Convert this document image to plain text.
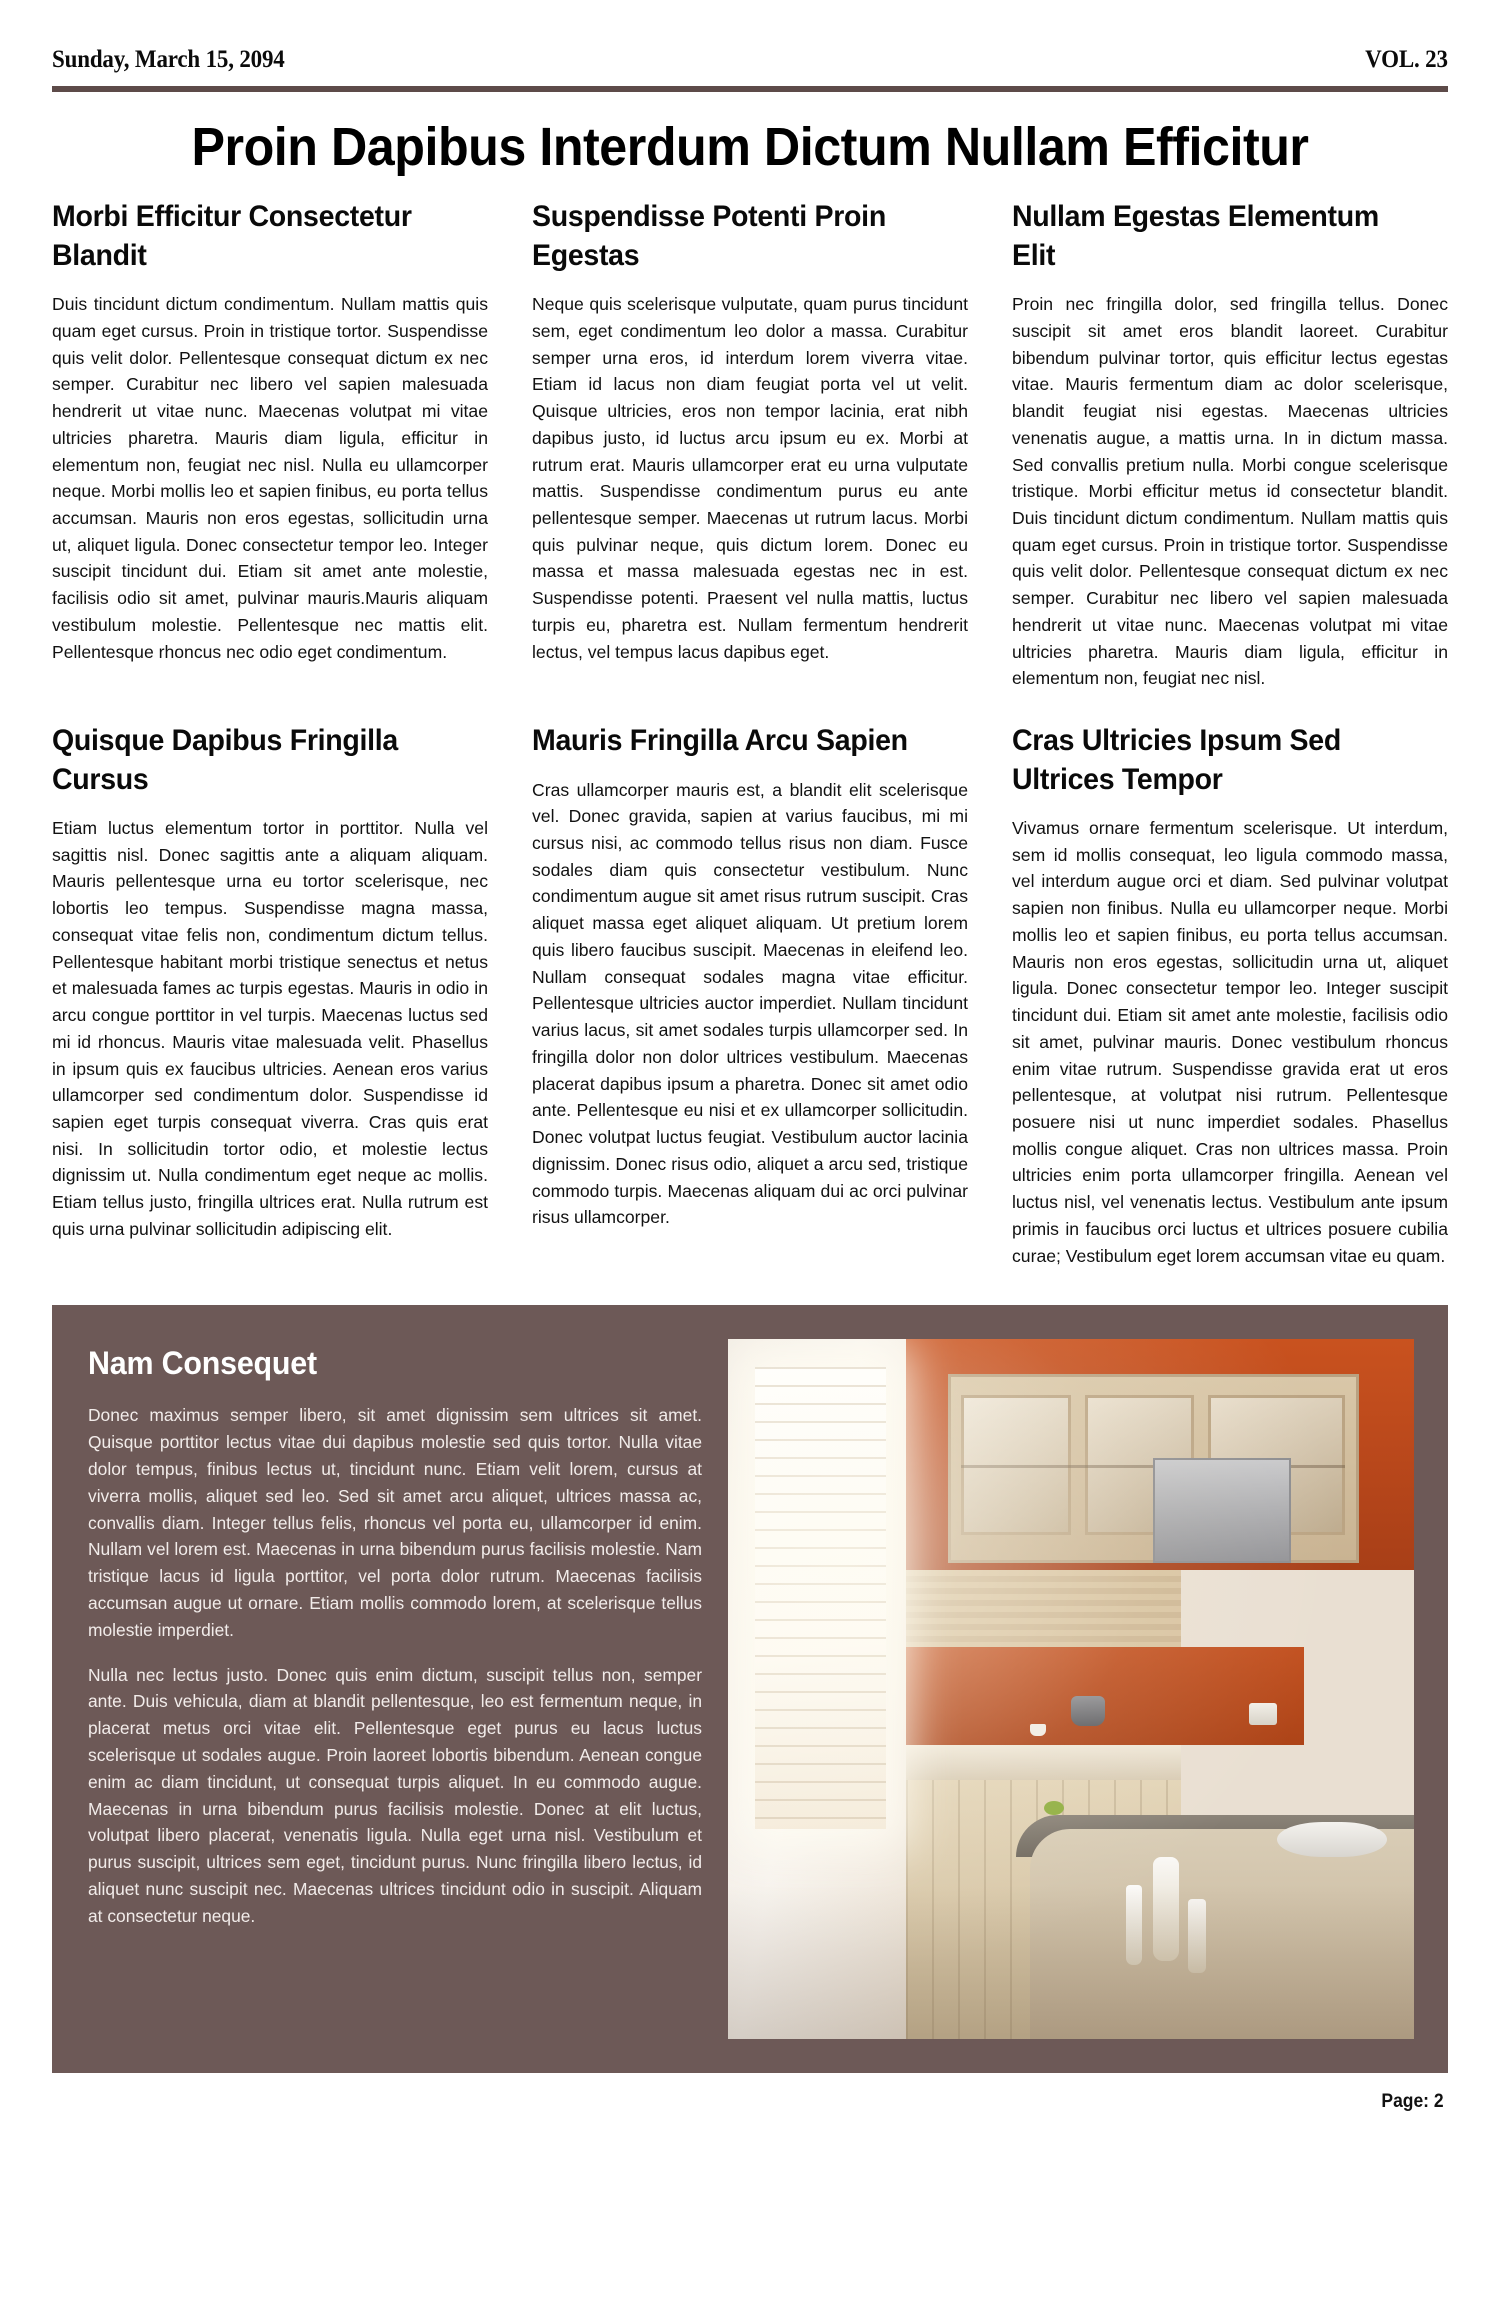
Sunday, March 15, 2094	VOL. 23
Proin Dapibus Interdum Dictum Nullam Efficitur
Morbi Efficitur Consectetur Blandit

Duis tincidunt dictum condimentum. Nullam mattis quis quam eget cursus. Proin in tristique tortor. Suspendisse quis velit dolor. Pellentesque consequat dictum ex nec semper. Curabitur nec libero vel sapien malesuada hendrerit ut vitae nunc. Maecenas volutpat mi vitae ultricies pharetra. Mauris diam ligula, efficitur in elementum non, feugiat nec nisl. Nulla eu ullamcorper neque. Morbi mollis leo et sapien finibus, eu porta tellus accumsan. Mauris non eros egestas, sollicitudin urna ut, aliquet ligula. Donec consectetur tempor leo. Integer suscipit tincidunt dui. Etiam sit amet ante molestie, facilisis odio sit amet, pulvinar mauris.Mauris aliquam vestibulum molestie. Pellentesque nec mattis elit. Pellentesque rhoncus nec odio eget condimentum.

Suspendisse Potenti Proin Egestas

Neque quis scelerisque vulputate, quam purus tincidunt sem, eget condimentum leo dolor a massa. Curabitur semper urna eros, id interdum lorem viverra vitae. Etiam id lacus non diam feugiat porta vel ut velit. Quisque ultricies, eros non tempor lacinia, erat nibh dapibus justo, id luctus arcu ipsum eu ex. Morbi at rutrum erat. Mauris ullamcorper erat eu urna vulputate mattis. Suspendisse condimentum purus eu ante pellentesque semper. Maecenas ut rutrum lacus. Morbi quis pulvinar neque, quis dictum lorem. Donec eu massa et massa malesuada egestas nec in est. Suspendisse potenti. Praesent vel nulla mattis, luctus turpis eu, pharetra est. Nullam fermentum hendrerit lectus, vel tempus lacus dapibus eget.

Nullam Egestas Elementum Elit

Proin nec fringilla dolor, sed fringilla tellus. Donec suscipit sit amet eros blandit laoreet. Curabitur bibendum pulvinar tortor, quis efficitur lectus egestas vitae. Mauris fermentum diam ac dolor scelerisque, blandit feugiat nisi egestas. Maecenas ultricies venenatis augue, a mattis urna. In in dictum massa. Sed convallis pretium nulla. Morbi congue scelerisque tristique. Morbi efficitur metus id consectetur blandit. Duis tincidunt dictum condimentum. Nullam mattis quis quam eget cursus. Proin in tristique tortor. Suspendisse quis velit dolor. Pellentesque consequat dictum ex nec semper. Curabitur nec libero vel sapien malesuada hendrerit ut vitae nunc. Maecenas volutpat mi vitae ultricies pharetra. Mauris diam ligula, efficitur in elementum non, feugiat nec nisl.

Quisque Dapibus Fringilla Cursus

Etiam luctus elementum tortor in porttitor. Nulla vel sagittis nisl. Donec sagittis ante a aliquam aliquam. Mauris pellentesque urna eu tortor scelerisque, nec lobortis leo tempus. Suspendisse magna massa, consequat vitae felis non, condimentum dictum tellus. Pellentesque habitant morbi tristique senectus et netus et malesuada fames ac turpis egestas. Mauris in odio in arcu congue porttitor in vel turpis. Maecenas luctus sed mi id rhoncus. Mauris vitae malesuada velit. Phasellus in ipsum quis ex faucibus ultricies. Aenean eros varius ullamcorper sed condimentum dolor. Suspendisse id sapien eget turpis consequat viverra. Cras quis erat nisi. In sollicitudin tortor odio, et molestie lectus dignissim ut. Nulla condimentum eget neque ac mollis. Etiam tellus justo, fringilla ultrices erat. Nulla rutrum est quis urna pulvinar sollicitudin adipiscing elit.

Mauris Fringilla Arcu Sapien

Cras ullamcorper mauris est, a blandit elit scelerisque vel. Donec gravida, sapien at varius faucibus, mi mi cursus nisi, ac commodo tellus risus non diam. Fusce sodales diam quis consectetur vestibulum. Nunc condimentum augue sit amet risus rutrum suscipit. Cras aliquet massa eget aliquet aliquam. Ut pretium lorem quis libero faucibus suscipit. Maecenas in eleifend leo. Nullam consequat sodales magna vitae efficitur. Pellentesque ultricies auctor imperdiet. Nullam tincidunt varius lacus, sit amet sodales turpis ullamcorper sed. In fringilla dolor non dolor ultrices vestibulum. Maecenas placerat dapibus ipsum a pharetra. Donec sit amet odio ante. Pellentesque eu nisi et ex ullamcorper sollicitudin. Donec volutpat luctus feugiat. Vestibulum auctor lacinia dignissim. Donec risus odio, aliquet a arcu sed, tristique commodo turpis. Maecenas aliquam dui ac orci pulvinar risus ullamcorper.

Cras Ultricies Ipsum Sed Ultrices Tempor

Vivamus ornare fermentum scelerisque. Ut interdum, sem id mollis consequat, leo ligula commodo massa, vel interdum augue orci et diam. Sed pulvinar volutpat sapien non finibus. Nulla eu ullamcorper neque. Morbi mollis leo et sapien finibus, eu porta tellus accumsan. Mauris non eros egestas, sollicitudin urna ut, aliquet ligula. Donec consectetur tempor leo. Integer suscipit tincidunt dui. Etiam sit amet ante molestie, facilisis odio sit amet, pulvinar mauris. Donec vestibulum rhoncus enim vitae rutrum. Suspendisse gravida erat ut eros pellentesque, at volutpat nisi rutrum. Pellentesque posuere nisi ut nunc imperdiet sodales. Phasellus mollis congue aliquet. Cras non ultrices massa. Proin ultricies enim porta ullamcorper fringilla. Aenean vel luctus nisl, vel venenatis lectus. Vestibulum ante ipsum primis in faucibus orci luctus et ultrices posuere cubilia curae; Vestibulum eget lorem accumsan vitae eu quam.

Nam Consequet

Donec maximus semper libero, sit amet dignissim sem ultrices sit amet. Quisque porttitor lectus vitae dui dapibus molestie sed quis tortor. Nulla vitae dolor tempus, finibus lectus ut, tincidunt nunc. Etiam velit lorem, cursus at viverra mollis, aliquet sed leo. Sed sit amet arcu aliquet, ultrices massa ac, convallis diam. Integer tellus felis, rhoncus vel porta eu, ullamcorper id enim. Nullam vel lorem est. Maecenas in urna bibendum purus facilisis molestie. Nam tristique lacus id ligula porttitor, vel porta dolor rutrum. Maecenas facilisis accumsan augue ut ornare. Etiam mollis commodo lorem, at scelerisque tellus molestie imperdiet.

Nulla nec lectus justo. Donec quis enim dictum, suscipit tellus non, semper ante. Duis vehicula, diam at blandit pellentesque, leo est fermentum neque, in placerat metus orci vitae elit. Pellentesque eget purus eu lacus luctus scelerisque ut sodales augue. Proin laoreet lobortis bibendum. Aenean congue enim ac diam tincidunt, ut consequat turpis aliquet. In eu commodo augue. Maecenas in urna bibendum purus facilisis molestie. Donec at elit luctus, volutpat libero placerat, venenatis ligula. Nulla eget urna nisl. Vestibulum et purus suscipit, ultrices sem eget, tincidunt purus. Nunc fringilla libero lectus, id aliquet nunc suscipit nec. Maecenas ultrices tincidunt odio in suscipit. Aliquam at consectetur neque.

Page: 2
